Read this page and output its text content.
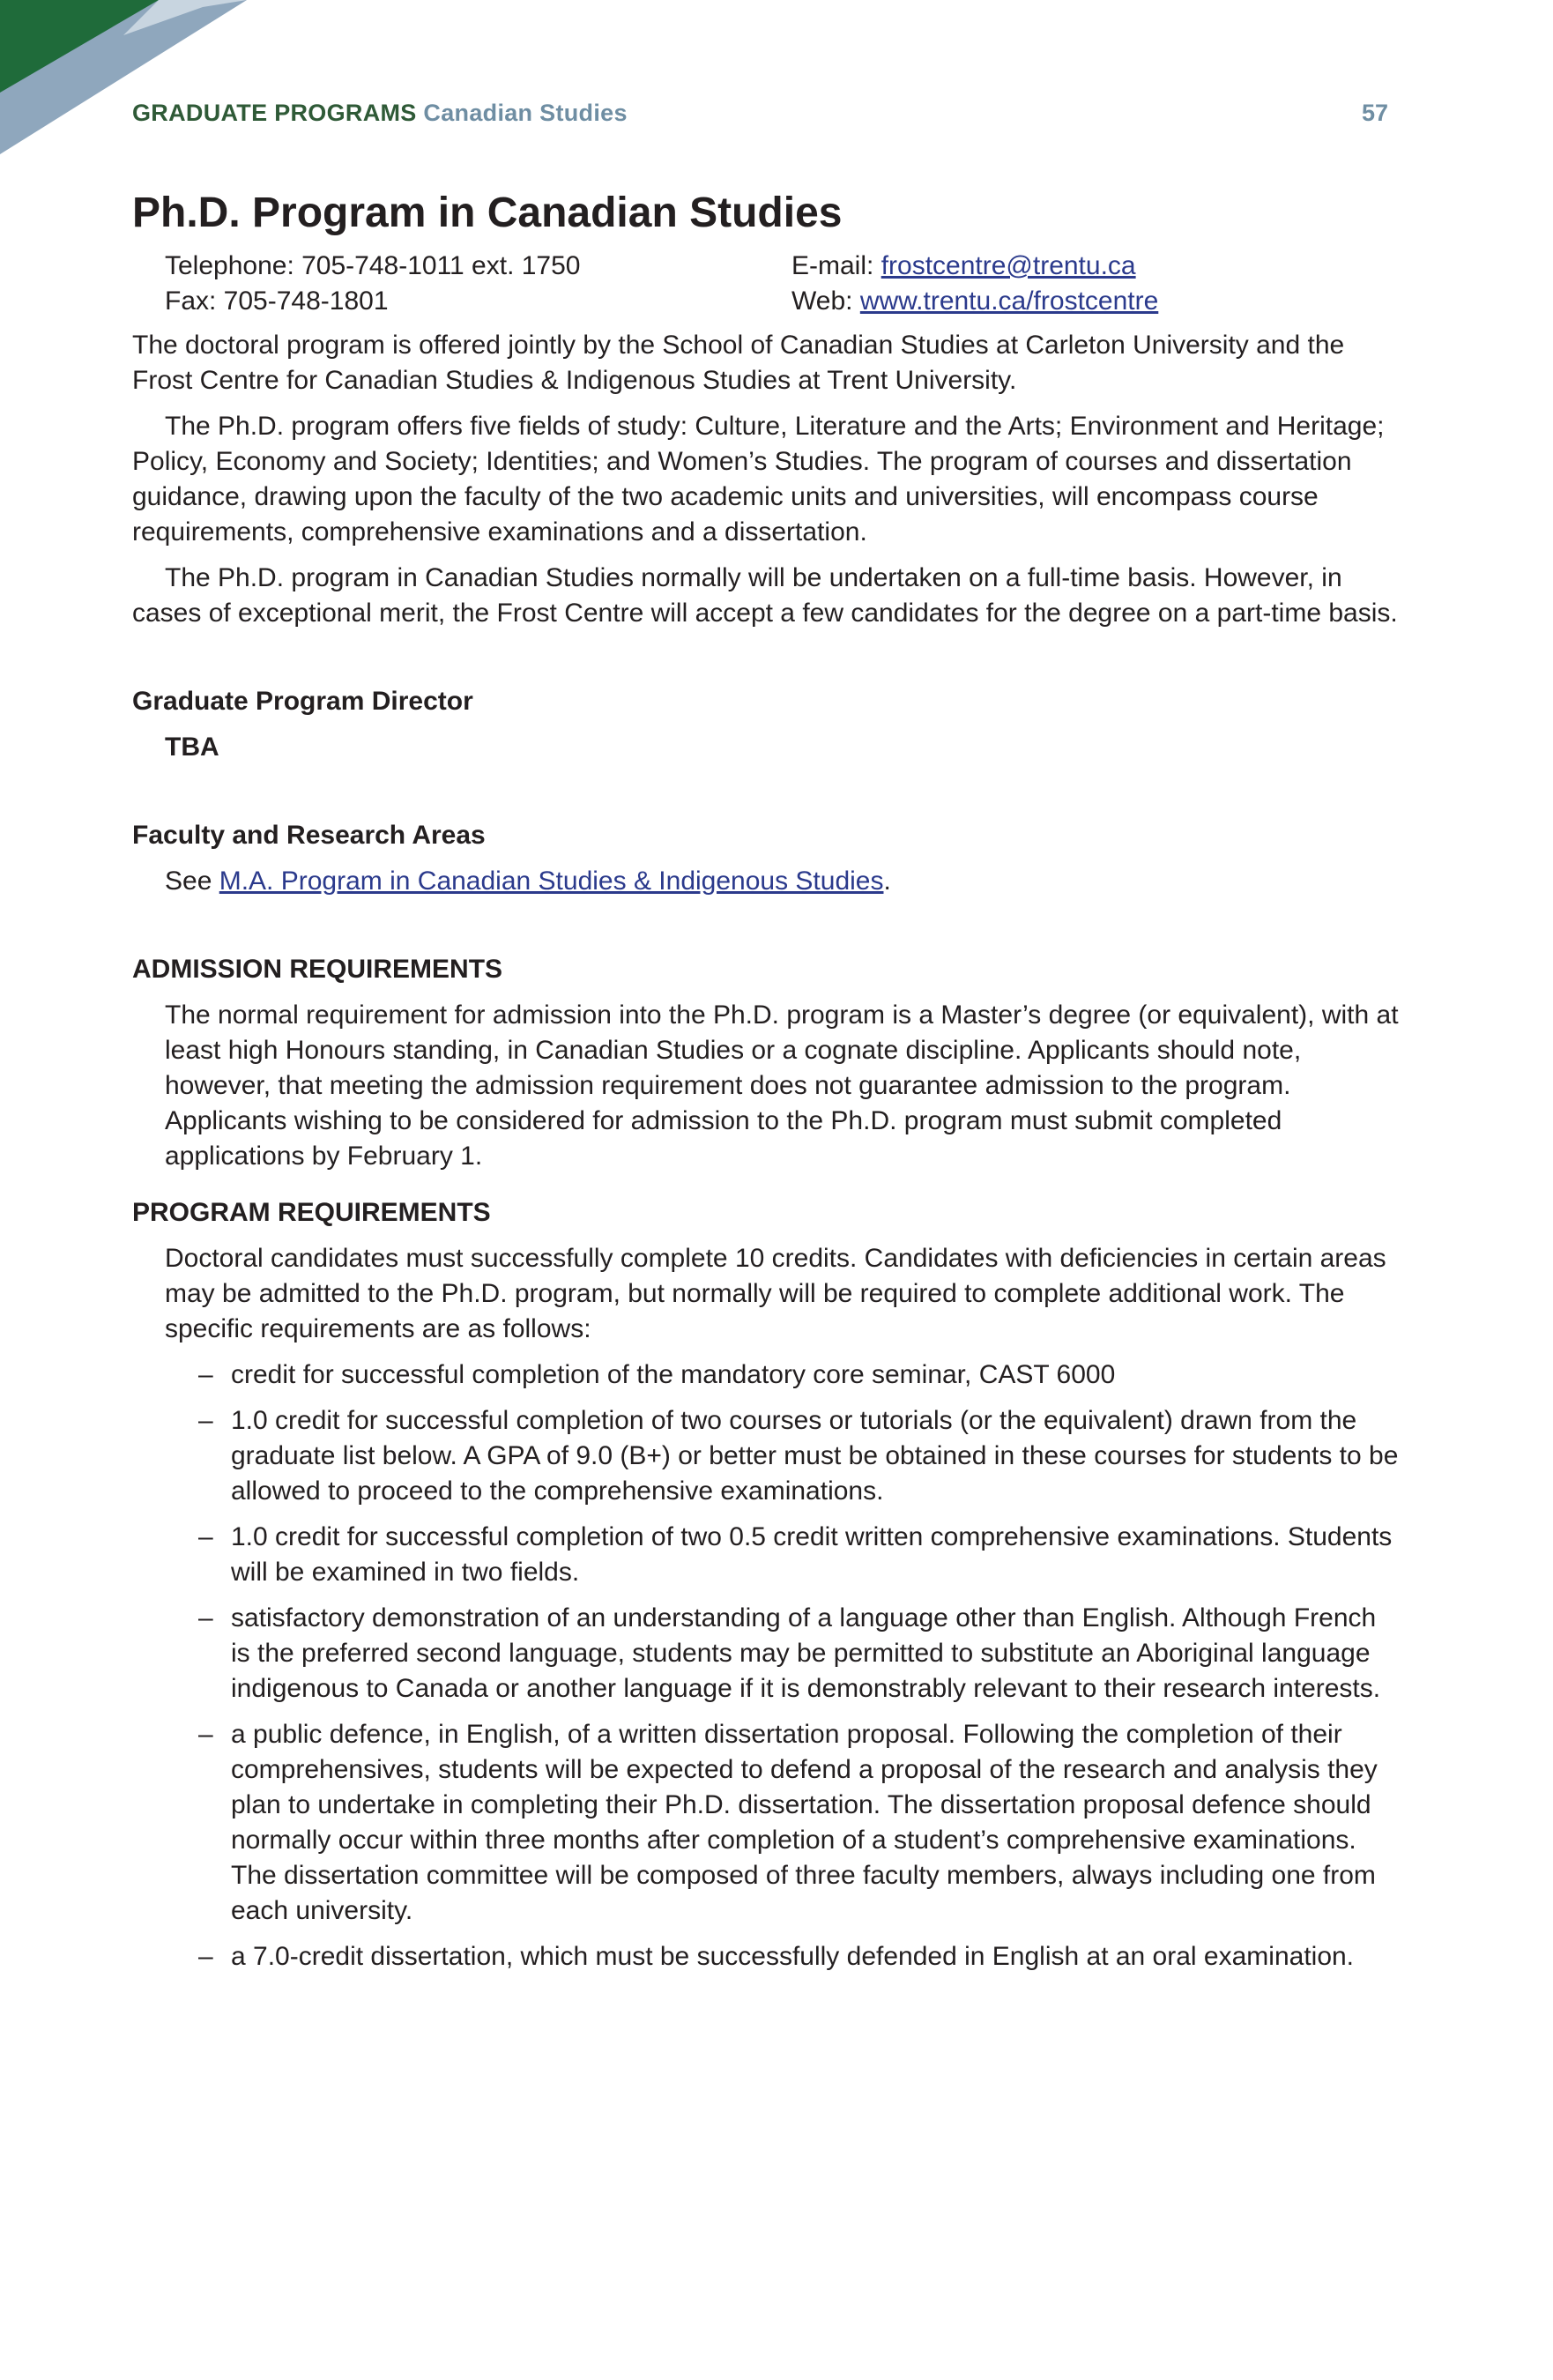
GRADUATE PROGRAMS Canadian Studies	57
Ph.D. Program in Canadian Studies
Telephone: 705-748-1011 ext. 1750	E-mail: frostcentre@trentu.ca
Fax: 705-748-1801	Web: www.trentu.ca/frostcentre

The doctoral program is offered jointly by the School of Canadian Studies at Carleton University and the Frost Centre for Canadian Studies & Indigenous Studies at Trent University.

The Ph.D. program offers five fields of study: Culture, Literature and the Arts; Environment and Heritage; Policy, Economy and Society; Identities; and Women’s Studies. The program of courses and dissertation guidance, drawing upon the faculty of the two academic units and universities, will encompass course requirements, comprehensive examinations and a dissertation.

The Ph.D. program in Canadian Studies normally will be undertaken on a full-time basis. However, in cases of exceptional merit, the Frost Centre will accept a few candidates for the degree on a part-time basis.

Graduate Program Director

TBA

Faculty and Research Areas

See M.A. Program in Canadian Studies & Indigenous Studies.

ADMISSION REQUIREMENTS

The normal requirement for admission into the Ph.D. program is a Master’s degree (or equivalent), with at least high Honours standing, in Canadian Studies or a cognate discipline. Applicants should note, however, that meeting the admission requirement does not guarantee admission to the program. Applicants wishing to be considered for admission to the Ph.D. program must submit completed applications by February 1.

PROGRAM REQUIREMENTS

Doctoral candidates must successfully complete 10 credits. Candidates with deficiencies in certain areas may be admitted to the Ph.D. program, but normally will be required to complete additional work. The specific requirements are as follows:

– credit for successful completion of the mandatory core seminar, CAST 6000
– 1.0 credit for successful completion of two courses or tutorials (or the equivalent) drawn from the graduate list below. A GPA of 9.0 (B+) or better must be obtained in these courses for students to be allowed to proceed to the comprehensive examinations.
– 1.0 credit for successful completion of two 0.5 credit written comprehensive examinations. Students will be examined in two fields.
– satisfactory demonstration of an understanding of a language other than English. Although French is the preferred second language, students may be permitted to substitute an Aboriginal language indigenous to Canada or another language if it is demonstrably relevant to their research interests.
– a public defence, in English, of a written dissertation proposal. Following the completion of their comprehensives, students will be expected to defend a proposal of the research and analysis they plan to undertake in completing their Ph.D. dissertation. The dissertation proposal defence should normally occur within three months after completion of a student’s comprehensive examinations. The dissertation committee will be composed of three faculty members, always including one from each university.
– a 7.0-credit dissertation, which must be successfully defended in English at an oral examination.
